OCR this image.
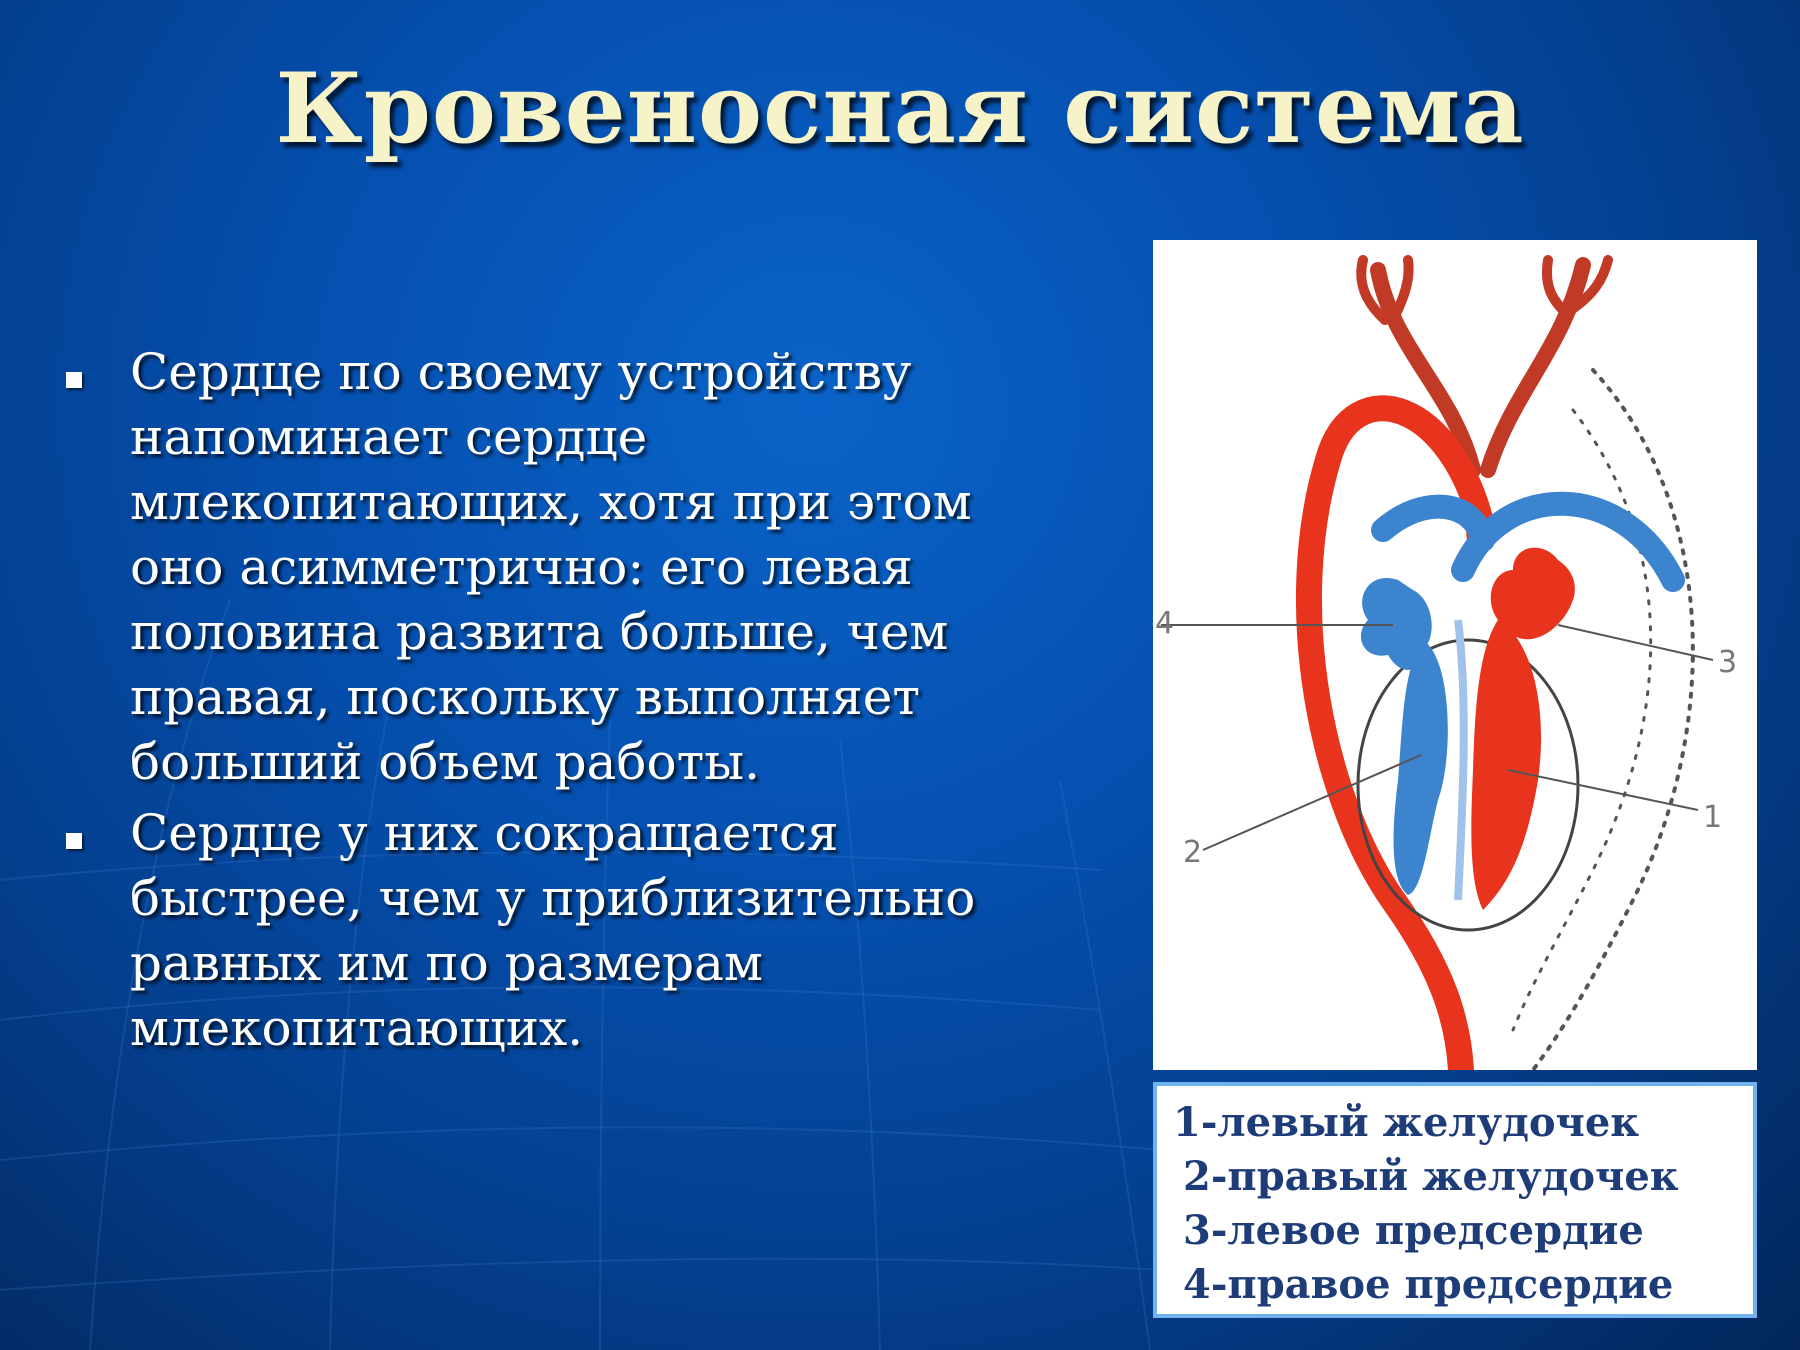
Кровеносная система
Сердце по своему устройству напоминает сердце млекопитающих, хотя при этом оно асимметрично: его левая половина развита больше, чем правая, поскольку выполняет больший объем работы.
Сердце у них сокращается быстрее, чем у приблизительно равных им по размерам млекопитающих.
4
3
2
1
1-левый желудочек
2-правый желудочек
3-левое предсердие
4-правое предсердие
